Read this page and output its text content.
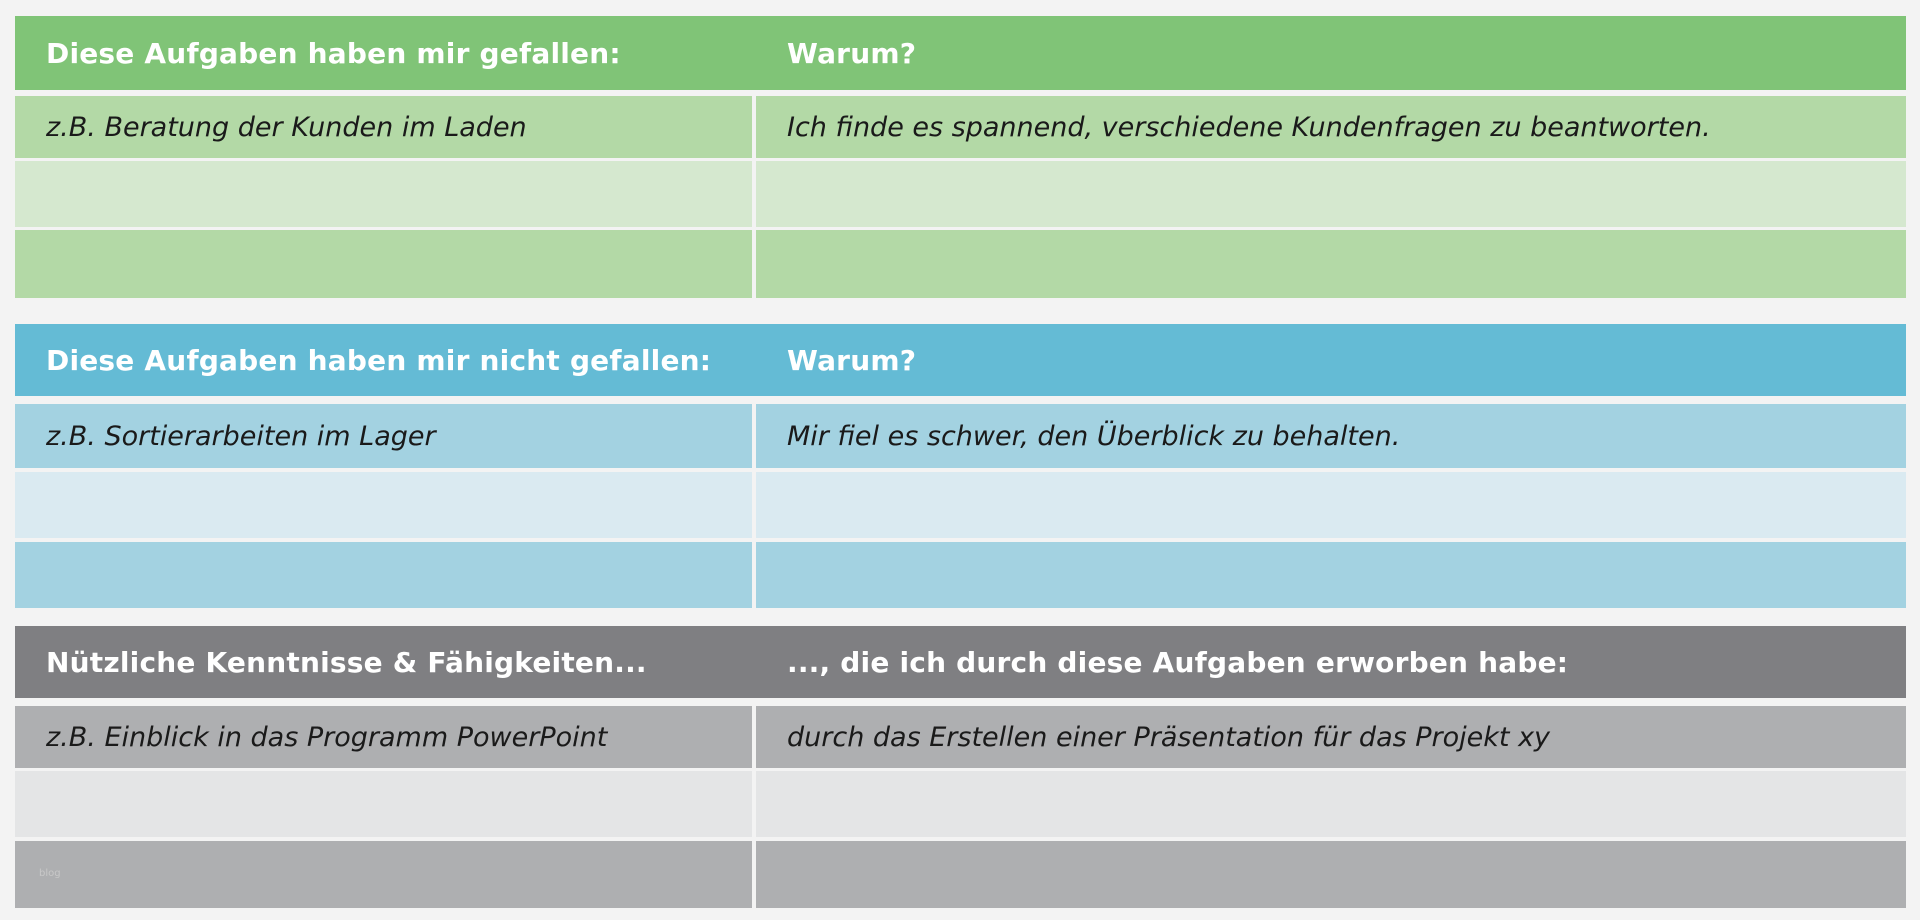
Diese Aufgaben haben mir gefallen:	Warum?
z.B. Beratung der Kunden im Laden	Ich finde es spannend, verschiedene Kundenfragen zu beantworten.
Diese Aufgaben haben mir nicht gefallen:	Warum?
z.B. Sortierarbeiten im Lager	Mir fiel es schwer, den Überblick zu behalten.
Nützliche Kenntnisse & Fähigkeiten...	..., die ich durch diese Aufgaben erworben habe:
z.B. Einblick in das Programm PowerPoint	durch das Erstellen einer Präsentation für das Projekt xy
blog
